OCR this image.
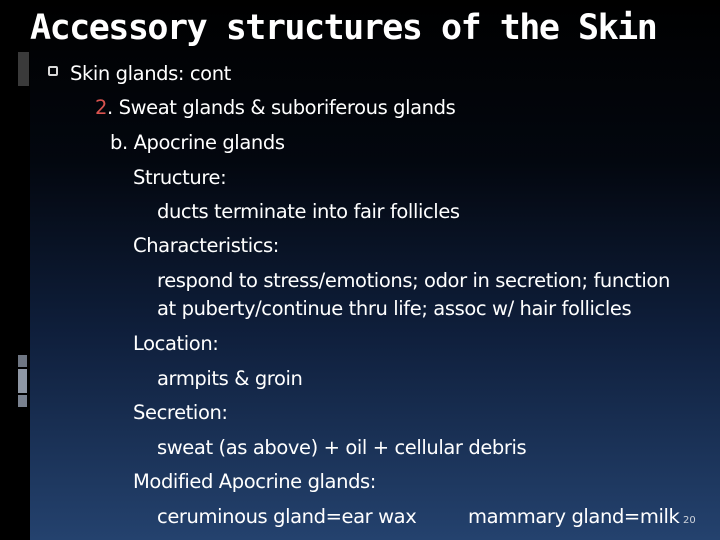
Accessory structures of the Skin
Skin glands: cont
2. Sweat glands & suboriferous glands
b. Apocrine glands
Structure:
ducts terminate into fair follicles
Characteristics:
respond to stress/emotions; odor in secretion; function
at puberty/continue thru life; assoc w/ hair follicles
Location:
armpits & groin
Secretion:
sweat (as above) + oil + cellular debris
Modified Apocrine glands:
ceruminous gland=ear wax	mammary gland=milk 20
